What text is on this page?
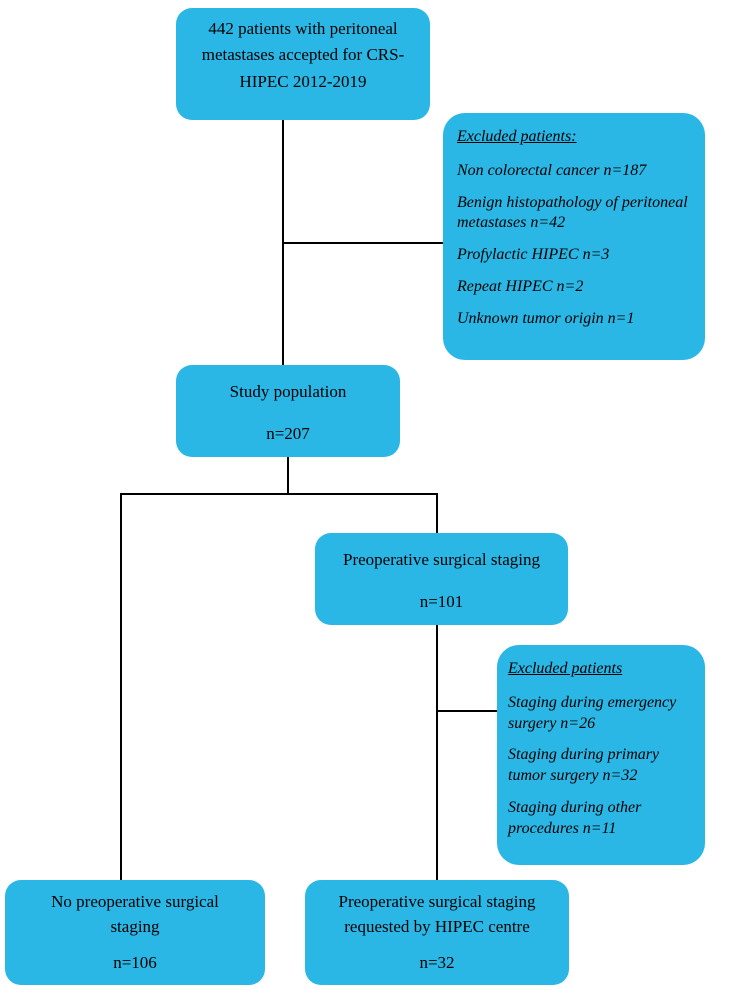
442 patients with peritoneal metastases accepted for CRS-HIPEC 2012-2019
Excluded patients:
Non colorectal cancer n=187
Benign histopathology of peritoneal metastases n=42
Profylactic HIPEC n=3
Repeat HIPEC n=2
Unknown tumor origin n=1
Study population
n=207
Preoperative surgical staging
n=101
Excluded patients
Staging during emergency surgery n=26
Staging during primary tumor surgery n=32
Staging during other procedures n=11
No preoperative surgical staging
n=106
Preoperative surgical staging requested by HIPEC centre
n=32
